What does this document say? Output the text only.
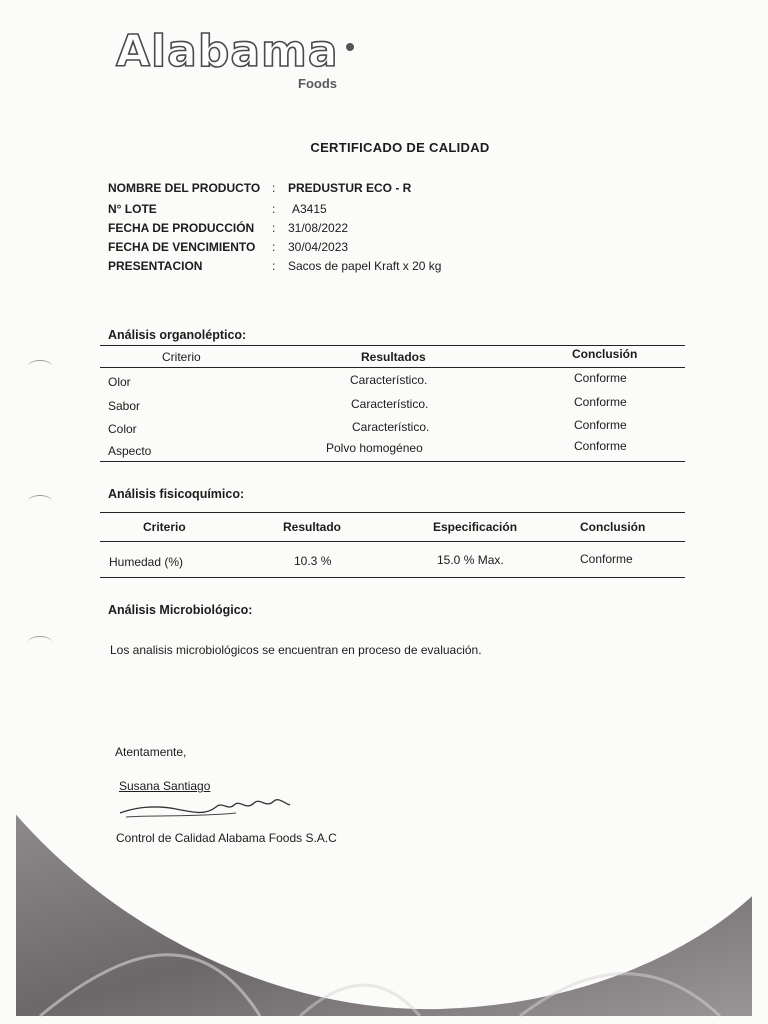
Alabama
Foods
CERTIFICADO DE CALIDAD
NOMBRE DEL PRODUCTO : PREDUSTUR ECO - R
N° LOTE	: A3415
FECHA DE PRODUCCIÓN : 31/08/2022
FECHA DE VENCIMIENTO : 30/04/2023
PRESENTACION	: Sacos de papel Kraft x 20 kg
Análisis organoléptico:
Criterio	Resultados	Conclusión
Olor	Característico.	Conforme
Sabor	Característico.	Conforme
Color	Característico.	Conforme
Aspecto	Polvo homogéneo	Conforme
Análisis fisicoquímico:
Criterio	Resultado	Especificación	Conclusión
Humedad (%)	10.3 %	15.0 % Max.	Conforme
Análisis Microbiológico:
Los analisis microbiológicos se encuentran en proceso de evaluación.
Atentamente,
Susana Santiago
Control de Calidad Alabama Foods S.A.C
